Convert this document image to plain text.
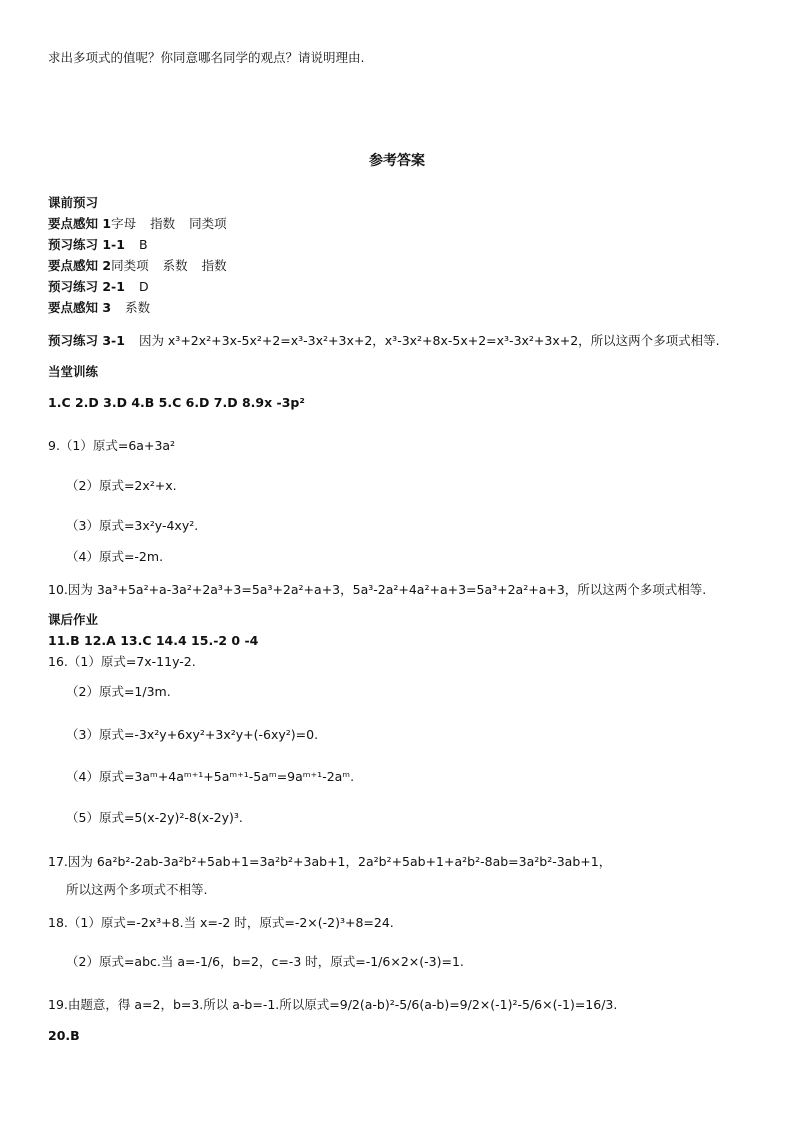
求出多项式的值呢？你同意哪名同学的观点？请说明理由.
参考答案
课前预习
要点感知 1字母 指数 同类项
预习练习 1-1 B
要点感知 2同类项 系数 指数
预习练习 2-1 D
要点感知 3 系数
预习练习 3-1 因为 x³+2x²+3x-5x²+2=x³-3x²+3x+2，x³-3x²+8x-5x+2=x³-3x²+3x+2，所以这两个多项式相等.
当堂训练
1.C 2.D 3.D 4.B 5.C 6.D 7.D 8.9x -3p²
9.（1）原式=6a+3a²
（2）原式=2x²+x.
（3）原式=3x²y-4xy².
（4）原式=-2m.
10.因为 3a³+5a²+a-3a²+2a³+3=5a³+2a²+a+3，5a³-2a²+4a²+a+3=5a³+2a²+a+3，所以这两个多项式相等.
课后作业
11.B 12.A 13.C 14.4 15.-2 0 -4
16.（1）原式=7x-11y-2.
（2）原式=1/3m.
（3）原式=-3x²y+6xy²+3x²y+(-6xy²)=0.
（4）原式=3aᵐ+4aᵐ⁺¹+5aᵐ⁺¹-5aᵐ=9aᵐ⁺¹-2aᵐ.
（5）原式=5(x-2y)²-8(x-2y)³.
17.因为 6a²b²-2ab-3a²b²+5ab+1=3a²b²+3ab+1，2a²b²+5ab+1+a²b²-8ab=3a²b²-3ab+1，
所以这两个多项式不相等.
18.（1）原式=-2x³+8.当 x=-2 时，原式=-2×(-2)³+8=24.
（2）原式=abc.当 a=-1/6，b=2，c=-3 时，原式=-1/6×2×(-3)=1.
19.由题意，得 a=2，b=3.所以 a-b=-1.所以原式=9/2(a-b)²-5/6(a-b)=9/2×(-1)²-5/6×(-1)=16/3.
20.B
